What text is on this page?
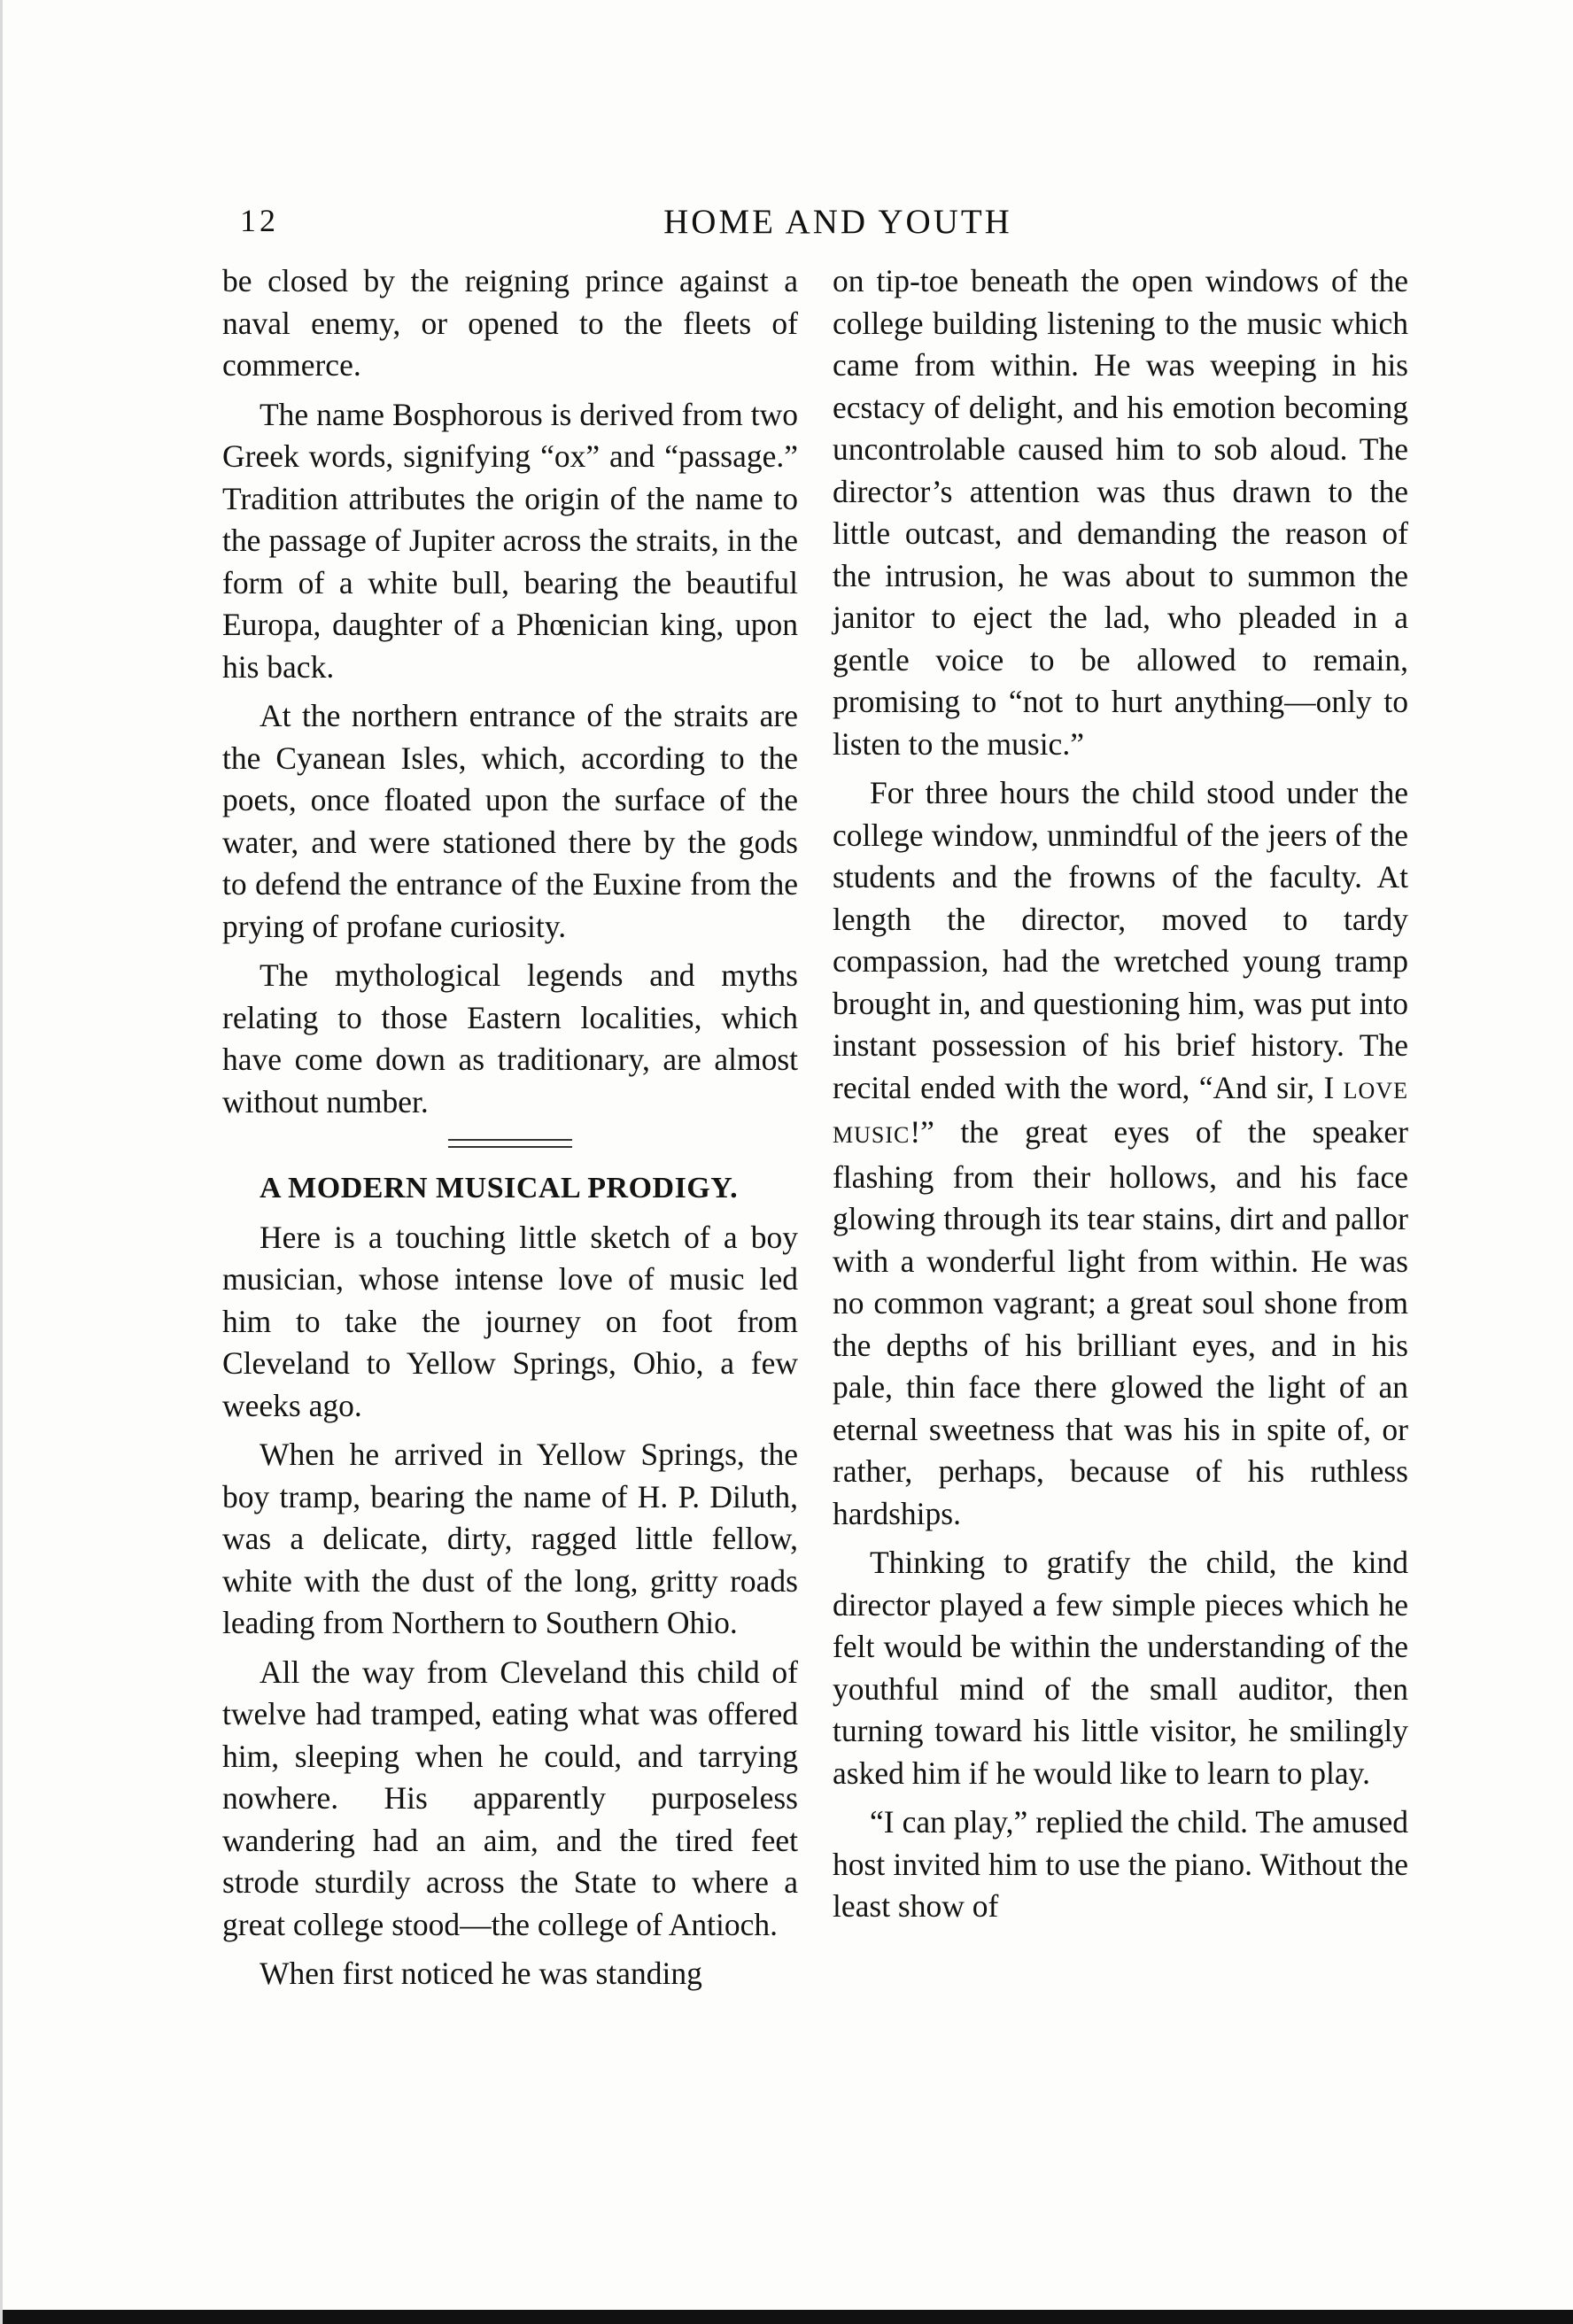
12	HOME AND YOUTH

be closed by the reigning prince against a naval enemy, or opened to the fleets of commerce.

The name Bosphorous is derived from two Greek words, signifying “ox” and “passage.” Tradition attributes the origin of the name to the passage of Jupiter across the straits, in the form of a white bull, bearing the beautiful Europa, daughter of a Phœnician king, upon his back.

At the northern entrance of the straits are the Cyanean Isles, which, according to the poets, once floated upon the surface of the water, and were stationed there by the gods to defend the entrance of the Euxine from the prying of profane curiosity.

The mythological legends and myths relating to those Eastern localities, which have come down as traditionary, are almost without number.

A MODERN MUSICAL PRODIGY.

Here is a touching little sketch of a boy musician, whose intense love of music led him to take the journey on foot from Cleveland to Yellow Springs, Ohio, a few weeks ago.

When he arrived in Yellow Springs, the boy tramp, bearing the name of H. P. Diluth, was a delicate, dirty, ragged little fellow, white with the dust of the long, gritty roads leading from Northern to Southern Ohio.

All the way from Cleveland this child of twelve had tramped, eating what was offered him, sleeping when he could, and tarrying nowhere. His apparently purposeless wandering had an aim, and the tired feet strode sturdily across the State to where a great college stood—the college of Antioch.

When first noticed he was standing

on tip-toe beneath the open windows of the college building listening to the music which came from within. He was weeping in his ecstacy of delight, and his emotion becoming uncontrolable caused him to sob aloud. The director’s attention was thus drawn to the little outcast, and demanding the reason of the intrusion, he was about to summon the janitor to eject the lad, who pleaded in a gentle voice to be allowed to remain, promising to “not to hurt anything—only to listen to the music.”

For three hours the child stood under the college window, unmindful of the jeers of the students and the frowns of the faculty. At length the director, moved to tardy compassion, had the wretched young tramp brought in, and questioning him, was put into instant possession of his brief history. The recital ended with the word, “And sir, I LOVE MUSIC!” the great eyes of the speaker flashing from their hollows, and his face glowing through its tear stains, dirt and pallor with a wonderful light from within. He was no common vagrant; a great soul shone from the depths of his brilliant eyes, and in his pale, thin face there glowed the light of an eternal sweetness that was his in spite of, or rather, perhaps, because of his ruthless hardships.

Thinking to gratify the child, the kind director played a few simple pieces which he felt would be within the understanding of the youthful mind of the small auditor, then turning toward his little visitor, he smilingly asked him if he would like to learn to play.

“I can play,” replied the child. The amused host invited him to use the piano. Without the least show of
